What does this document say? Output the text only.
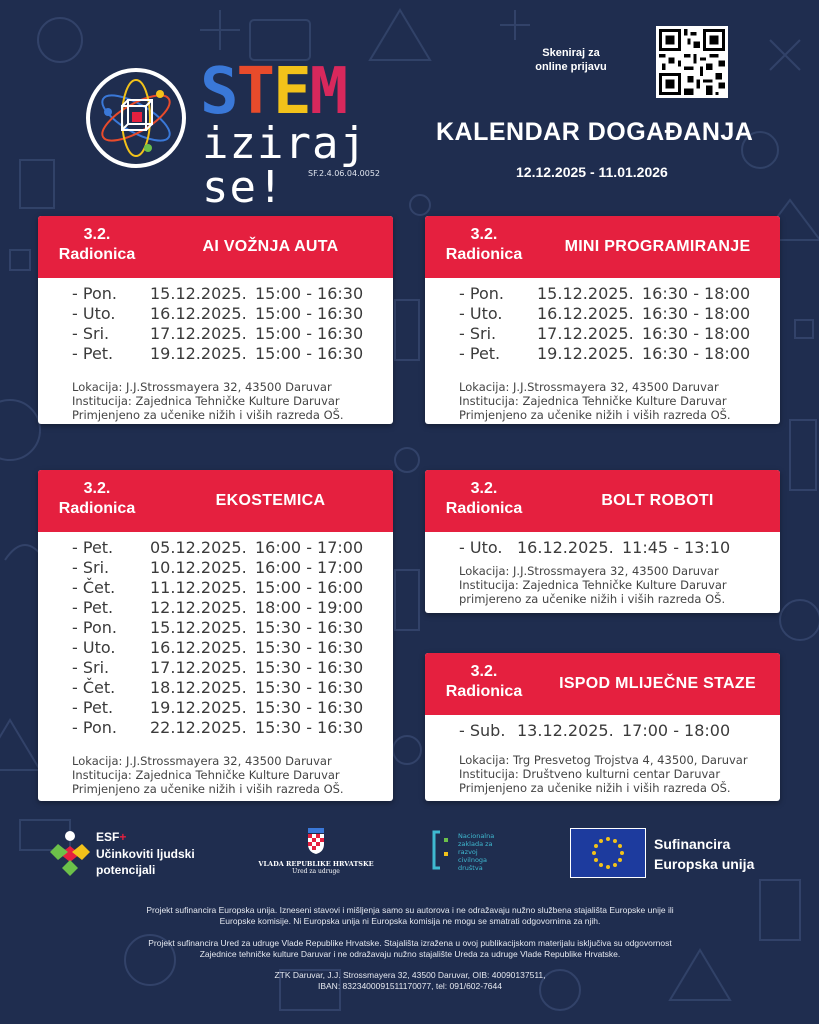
STEM
iziraj se!	SF.2.4.06.04.0052
Skeniraj za
online prijavu
KALENDAR DOGAĐANJA
12.12.2025 - 11.01.2026
3.2.
Radionica	AI VOŽNJA AUTA
- Pon. 15.12.2025. 15:00 - 16:30
- Uto. 16.12.2025. 15:00 - 16:30
- Sri.	17.12.2025. 15:00 - 16:30
- Pet. 19.12.2025. 15:00 - 16:30
Lokacija: J.J.Strossmayera 32, 43500 Daruvar
Institucija: Zajednica Tehničke Kulture Daruvar
Primjenjeno za učenike nižih i viših razreda OŠ.
3.2.
Radionica	MINI PROGRAMIRANJE
- Pon. 15.12.2025. 16:30 - 18:00
- Uto. 16.12.2025. 16:30 - 18:00
- Sri.	17.12.2025. 16:30 - 18:00
- Pet. 19.12.2025. 16:30 - 18:00
Lokacija: J.J.Strossmayera 32, 43500 Daruvar
Institucija: Zajednica Tehničke Kulture Daruvar
Primjenjeno za učenike nižih i viših razreda OŠ.
3.2.
Radionica	EKOSTEMICA
- Pet. 05.12.2025. 16:00 - 17:00
- Sri.	10.12.2025. 16:00 - 17:00
- Čet. 11.12.2025. 15:00 - 16:00
- Pet. 12.12.2025. 18:00 - 19:00
- Pon. 15.12.2025. 15:30 - 16:30
- Uto. 16.12.2025. 15:30 - 16:30
- Sri.	17.12.2025. 15:30 - 16:30
- Čet. 18.12.2025. 15:30 - 16:30
- Pet. 19.12.2025. 15:30 - 16:30
- Pon. 22.12.2025. 15:30 - 16:30
Lokacija: J.J.Strossmayera 32, 43500 Daruvar
Institucija: Zajednica Tehničke Kulture Daruvar
Primjenjeno za učenike nižih i viših razreda OŠ.
3.2.
Radionica	BOLT ROBOTI
- Uto. 16.12.2025. 11:45 - 13:10
Lokacija: J.J.Strossmayera 32, 43500 Daruvar
Institucija: Zajednica Tehničke Kulture Daruvar
primjereno za učenike nižih i viših razreda OŠ.
3.2.
Radionica	ISPOD MLIJEČNE STAZE
- Sub. 13.12.2025. 17:00 - 18:00
Lokacija: Trg Presvetog Trojstva 4, 43500, Daruvar
Institucija: Društveno kulturni centar Daruvar
Primjenjeno za učenike nižih i viših razreda OŠ.
ESF+
Učinkoviti ljudski
potencijali	VLADA REPUBLIKE HRVATSKE
Ured za udruge
Nacionalna zaklada za razvoj civilnoga društva
Sufinancira
Europska unija
Projekt sufinancira Europska unija. Izneseni stavovi i mišljenja samo su autorova i ne odražavaju nužno službena stajališta Europske unije ili
Europske komisije. Ni Europska unija ni Europska komisija ne mogu se smatrati odgovornima za njih.
Projekt sufinancira Ured za udruge Vlade Republike Hrvatske. Stajališta izražena u ovoj publikacijskom materijalu isključiva su odgovornost
Zajednice tehničke kulture Daruvar i ne odražavaju nužno stajalište Ureda za udruge Vlade Republike Hrvatske.
ZTK Daruvar, J.J. Strossmayera 32, 43500 Daruvar, OIB: 40090137511,
IBAN: 8323400091511170077, tel: 091/602-7644
